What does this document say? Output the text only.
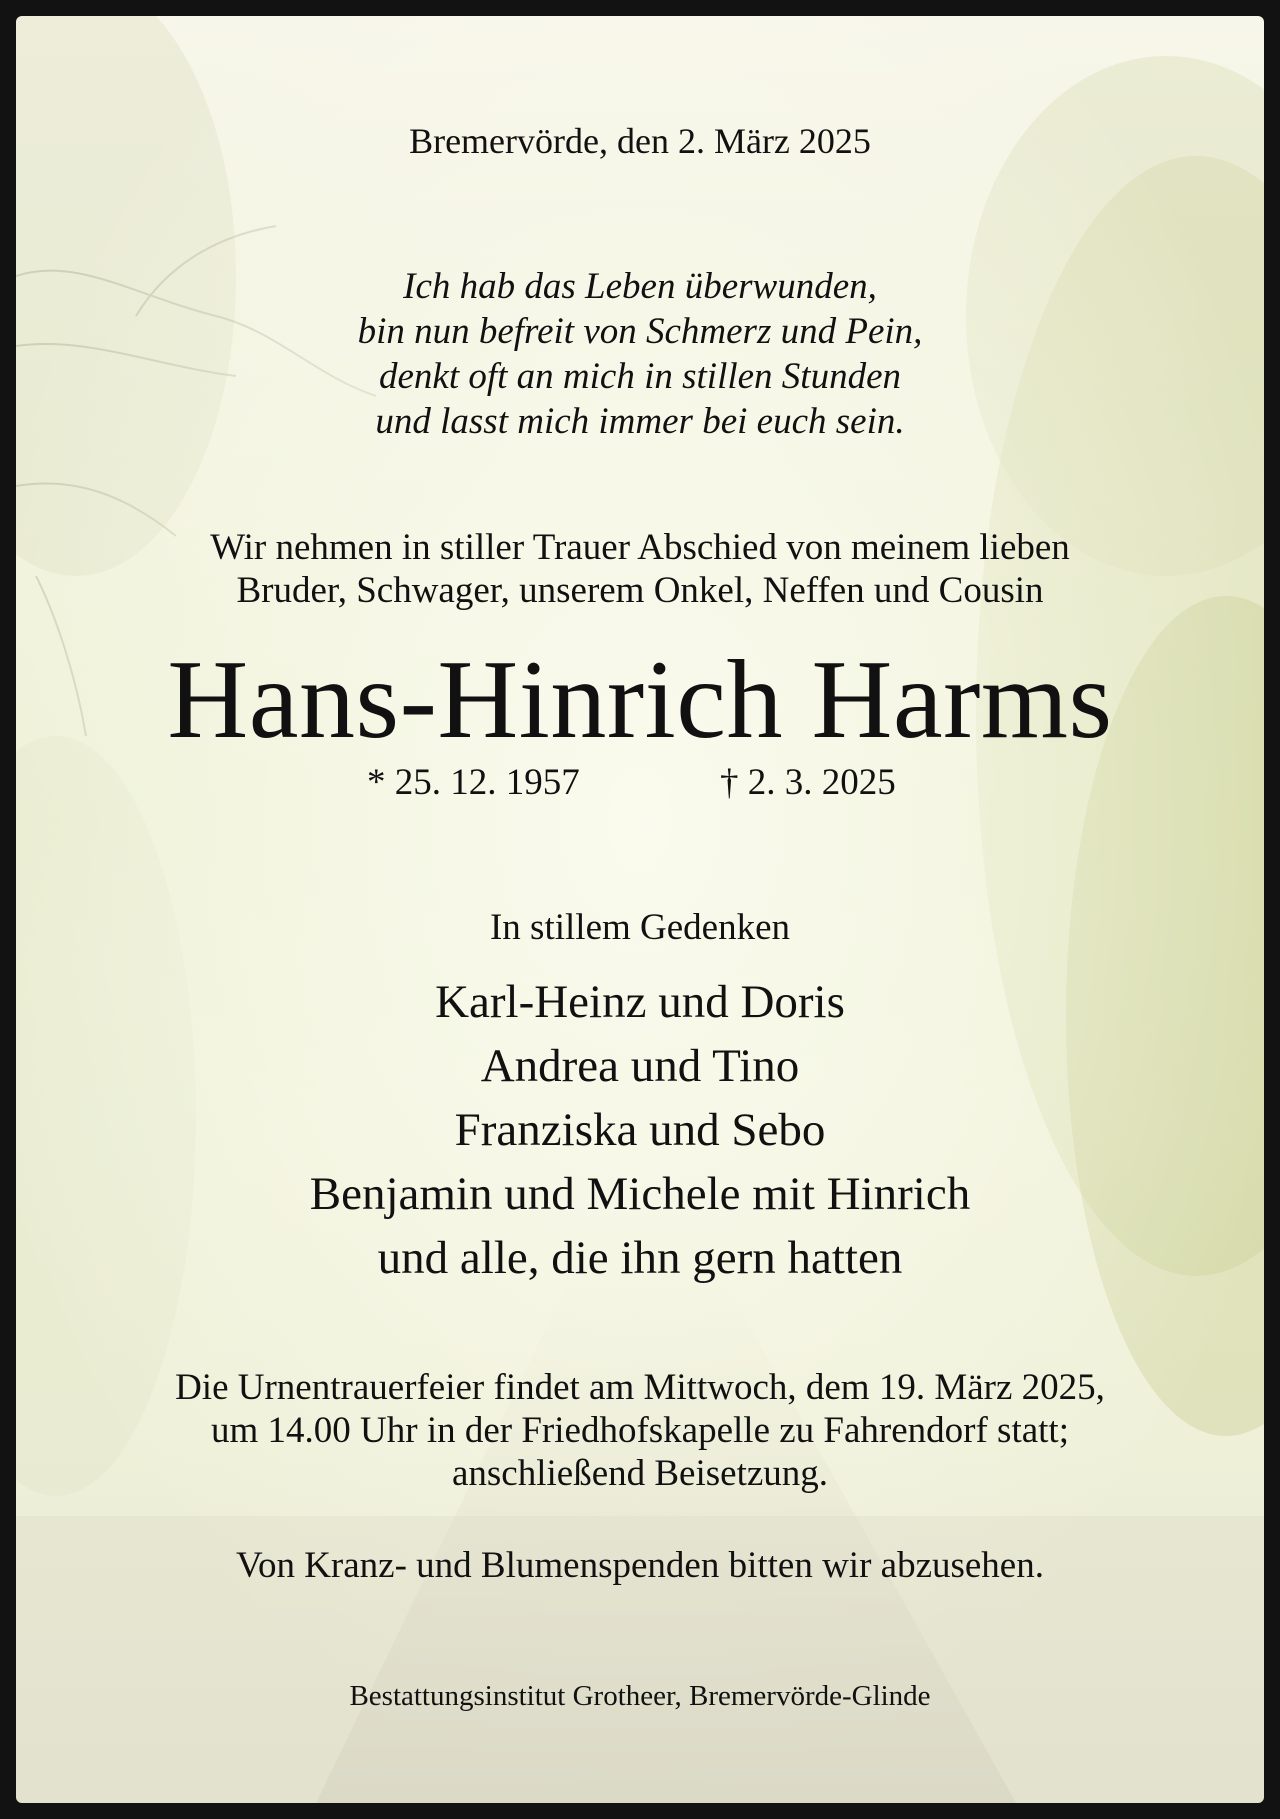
Bremervörde, den 2. März 2025
Ich hab das Leben überwunden,
bin nun befreit von Schmerz und Pein,
denkt oft an mich in stillen Stunden
und lasst mich immer bei euch sein.
Wir nehmen in stiller Trauer Abschied von meinem lieben
Bruder, Schwager, unserem Onkel, Neffen und Cousin
Hans-Hinrich Harms
* 25. 12. 1957	† 2. 3. 2025
In stillem Gedenken
Karl-Heinz und Doris
Andrea und Tino
Franziska und Sebo
Benjamin und Michele mit Hinrich
und alle, die ihn gern hatten
Die Urnentrauerfeier findet am Mittwoch, dem 19. März 2025,
um 14.00 Uhr in der Friedhofskapelle zu Fahrendorf statt;
anschließend Beisetzung.
Von Kranz- und Blumenspenden bitten wir abzusehen.
Bestattungsinstitut Grotheer, Bremervörde-Glinde
